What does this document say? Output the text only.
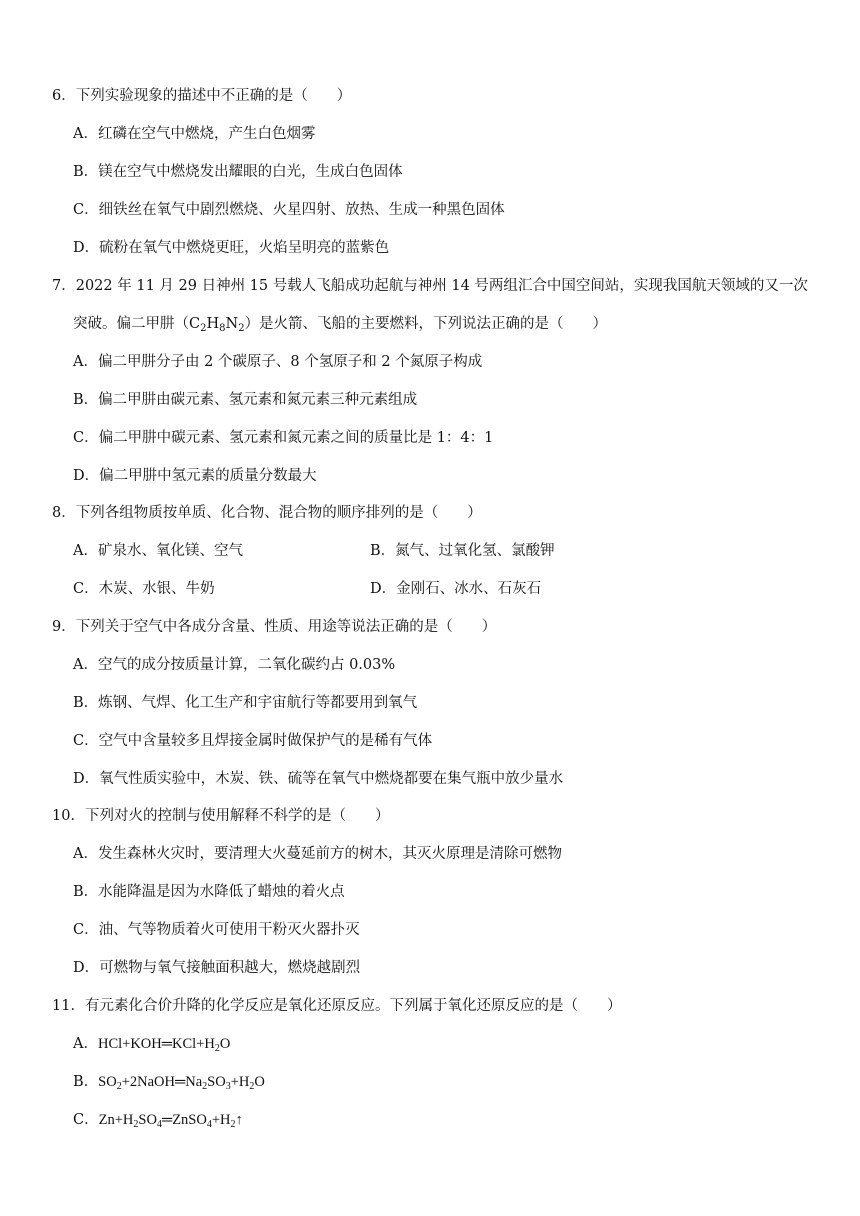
6．下列实验现象的描述中不正确的是（　　）
A．红磷在空气中燃烧，产生白色烟雾
B．镁在空气中燃烧发出耀眼的白光，生成白色固体
C．细铁丝在氧气中剧烈燃烧、火星四射、放热、生成一种黑色固体
D．硫粉在氧气中燃烧更旺，火焰呈明亮的蓝紫色
7．2022 年 11 月 29 日神州 15 号载人飞船成功起航与神州 14 号两组汇合中国空间站，实现我国航天领域的又一次
突破。偏二甲肼$(C_2H_8N_2)$是火箭、飞船的主要燃料，下列说法正确的是（　　）
A．偏二甲肼分子由 2 个碳原子、8 个氢原子和 2 个氮原子构成
B．偏二甲肼由碳元素、氢元素和氮元素三种元素组成
C．偏二甲肼中碳元素、氢元素和氮元素之间的质量比是 1：4：1
D．偏二甲肼中氢元素的质量分数最大
8．下列各组物质按单质、化合物、混合物的顺序排列的是（　　）
A．矿泉水、氧化镁、空气	B．氮气、过氧化氢、氯酸钾
C．木炭、水银、牛奶	D．金刚石、冰水、石灰石
9．下列关于空气中各成分含量、性质、用途等说法正确的是（　　）
A．空气的成分按质量计算，二氧化碳约占 0.03%
B．炼钢、气焊、化工生产和宇宙航行等都要用到氧气
C．空气中含量较多且焊接金属时做保护气的是稀有气体
D．氧气性质实验中，木炭、铁、硫等在氧气中燃烧都要在集气瓶中放少量水
10．下列对火的控制与使用解释不科学的是（　　）
A．发生森林火灾时，要清理大火蔓延前方的树木，其灭火原理是清除可燃物
B．水能降温是因为水降低了蜡烛的着火点
C．油、气等物质着火可使用干粉灭火器扑灭
D．可燃物与氧气接触面积越大，燃烧越剧烈
11．有元素化合价升降的化学反应是氧化还原反应。下列属于氧化还原反应的是（　　）
A．$HCl+KOH═KCl+H_2O$
B．$SO_2+2NaOH═Na_2SO_3+H_2O$
C．$Zn+H_2SO_4═ZnSO_4+H_2↑$
